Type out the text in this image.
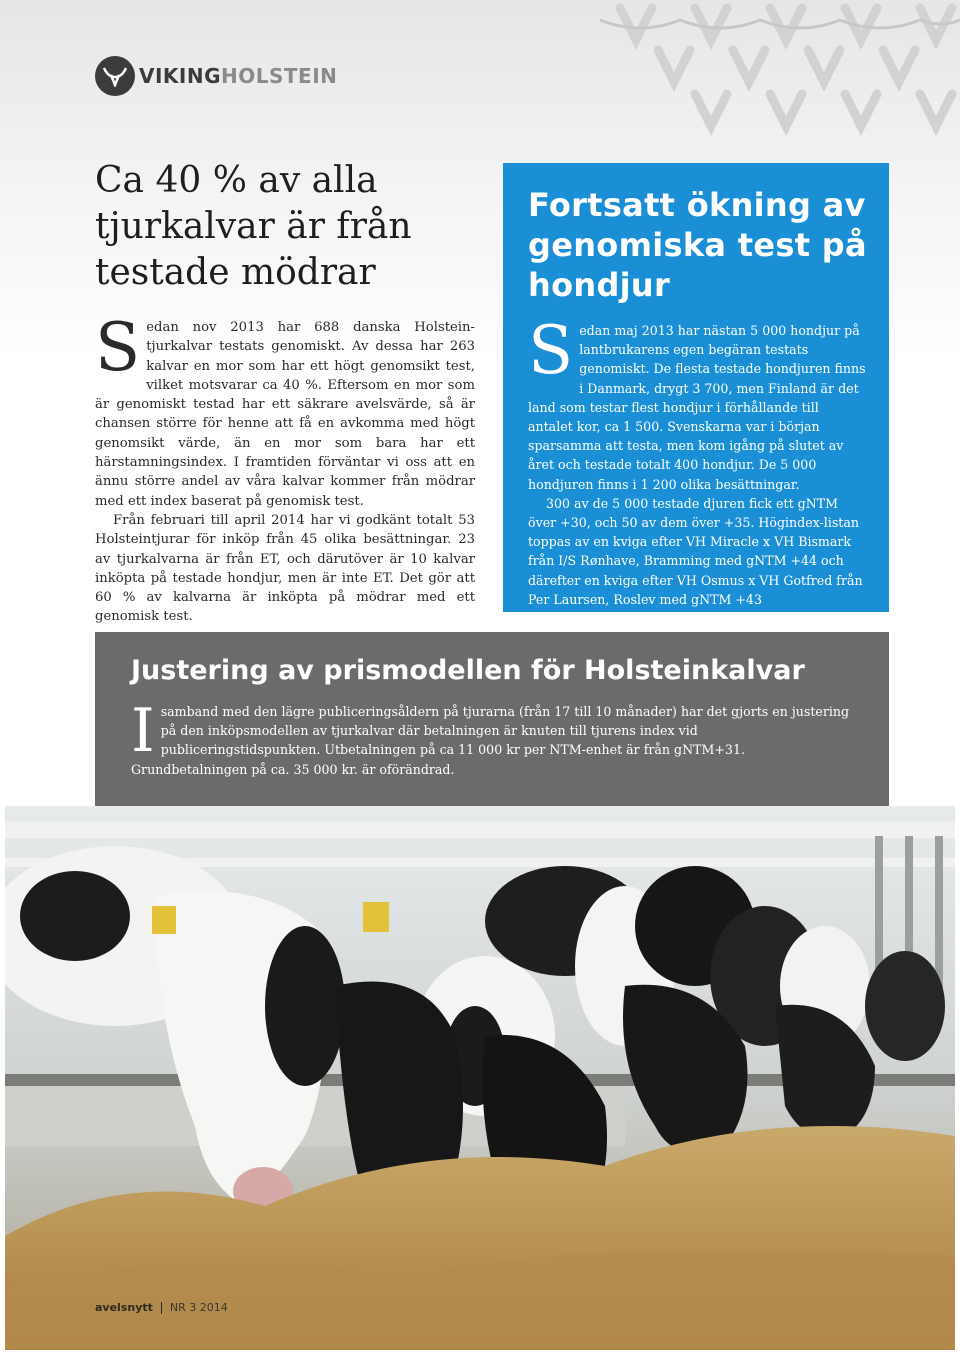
VIKINGHOLSTEIN
Ca 40 % av alla tjurkalvar är från testade mödrar

Sedan nov 2013 har 688 danska Holstein-tjurkalvar testats genomiskt. Av dessa har 263 kalvar en mor som har ett högt genomsikt test, vilket motsvarar ca 40 %. Eftersom en mor som är genomiskt testad har ett säkrare avelsvärde, så är chansen större för henne att få en avkomma med högt genomsikt värde, än en mor som bara har ett härstamningsindex. I framtiden förväntar vi oss att en ännu större andel av våra kalvar kommer från mödrar med ett index baserat på genomisk test.

Från februari till april 2014 har vi godkänt totalt 53 Holsteintjurar för inköp från 45 olika besättningar. 23 av tjurkalvarna är från ET, och därutöver är 10 kalvar inköpta på testade hondjur, men är inte ET. Det gör att 60 % av kalvarna är inköpta på mödrar med ett genomisk test.

Fortsatt ökning av genomiska test på hondjur

Sedan maj 2013 har nästan 5 000 hondjur på lantbrukarens egen begäran testats genomiskt. De flesta testade hondjuren finns i Danmark, drygt 3 700, men Finland är det land som testar flest hondjur i förhållande till antalet kor, ca 1 500. Svenskarna var i början sparsamma att testa, men kom igång på slutet av året och testade totalt 400 hondjur. De 5 000 hondjuren finns i 1 200 olika besättningar.

300 av de 5 000 testade djuren fick ett gNTM över +30, och 50 av dem över +35. Högindex-listan toppas av en kviga efter VH Miracle x VH Bismark från I/S Rønhave, Bramming med gNTM +44 och därefter en kviga efter VH Osmus x VH Gotfred från Per Laursen, Roslev med gNTM +43

Justering av prismodellen för Holsteinkalvar

Isamband med den lägre publiceringsåldern på tjurarna (från 17 till 10 månader) har det gjorts en justering på den inköpsmodellen av tjurkalvar där betalningen är knuten till tjurens index vid publiceringstidspunkten. Utbetalningen på ca 11 000 kr per NTM-enhet är från gNTM+31. Grundbetalningen på ca. 35 000 kr. är oförändrad.

avelsnytt NR 3 2014
